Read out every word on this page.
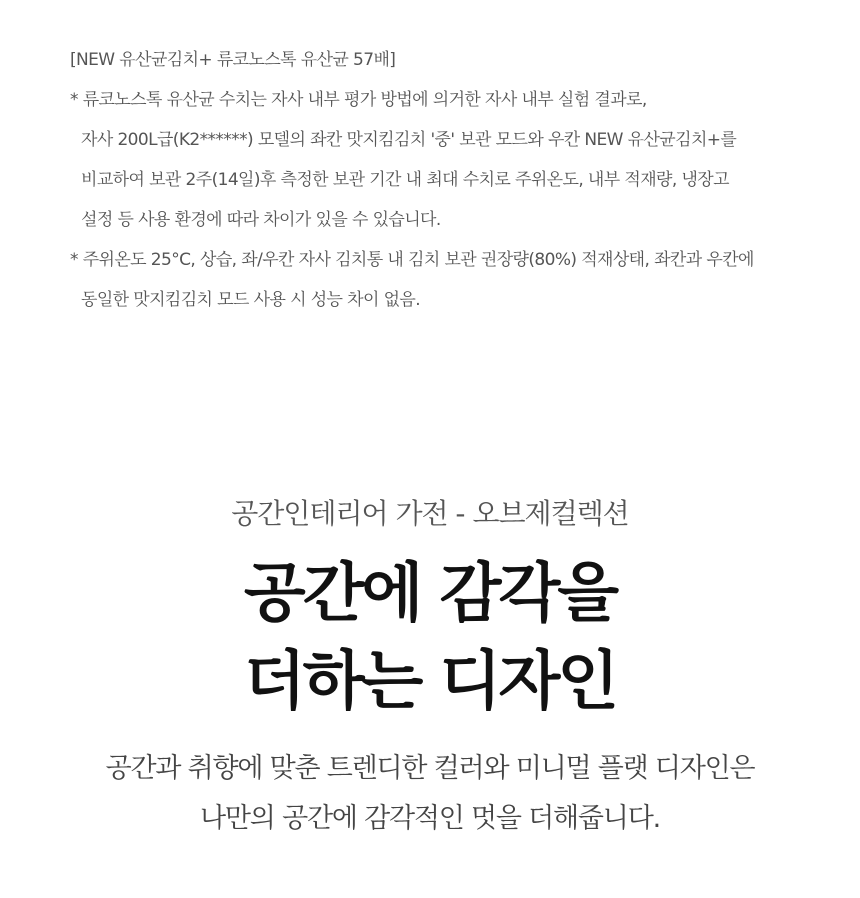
[NEW 유산균김치+ 류코노스톡 유산균 57배]
* 류코노스톡 유산균 수치는 자사 내부 평가 방법에 의거한 자사 내부 실험 결과로,
자사 200L급(K2******) 모델의 좌칸 맛지킴김치 '중' 보관 모드와 우칸 NEW 유산균김치+를
비교하여 보관 2주(14일)후 측정한 보관 기간 내 최대 수치로 주위온도, 내부 적재량, 냉장고
설정 등 사용 환경에 따라 차이가 있을 수 있습니다.
* 주위온도 25°C, 상습, 좌/우칸 자사 김치통 내 김치 보관 권장량(80%) 적재상태, 좌칸과 우칸에
동일한 맛지킴김치 모드 사용 시 성능 차이 없음.
공간인테리어 가전 - 오브제컬렉션
공간에 감각을
더하는 디자인
공간과 취향에 맞춘 트렌디한 컬러와 미니멀 플랫 디자인은
나만의 공간에 감각적인 멋을 더해줍니다.
